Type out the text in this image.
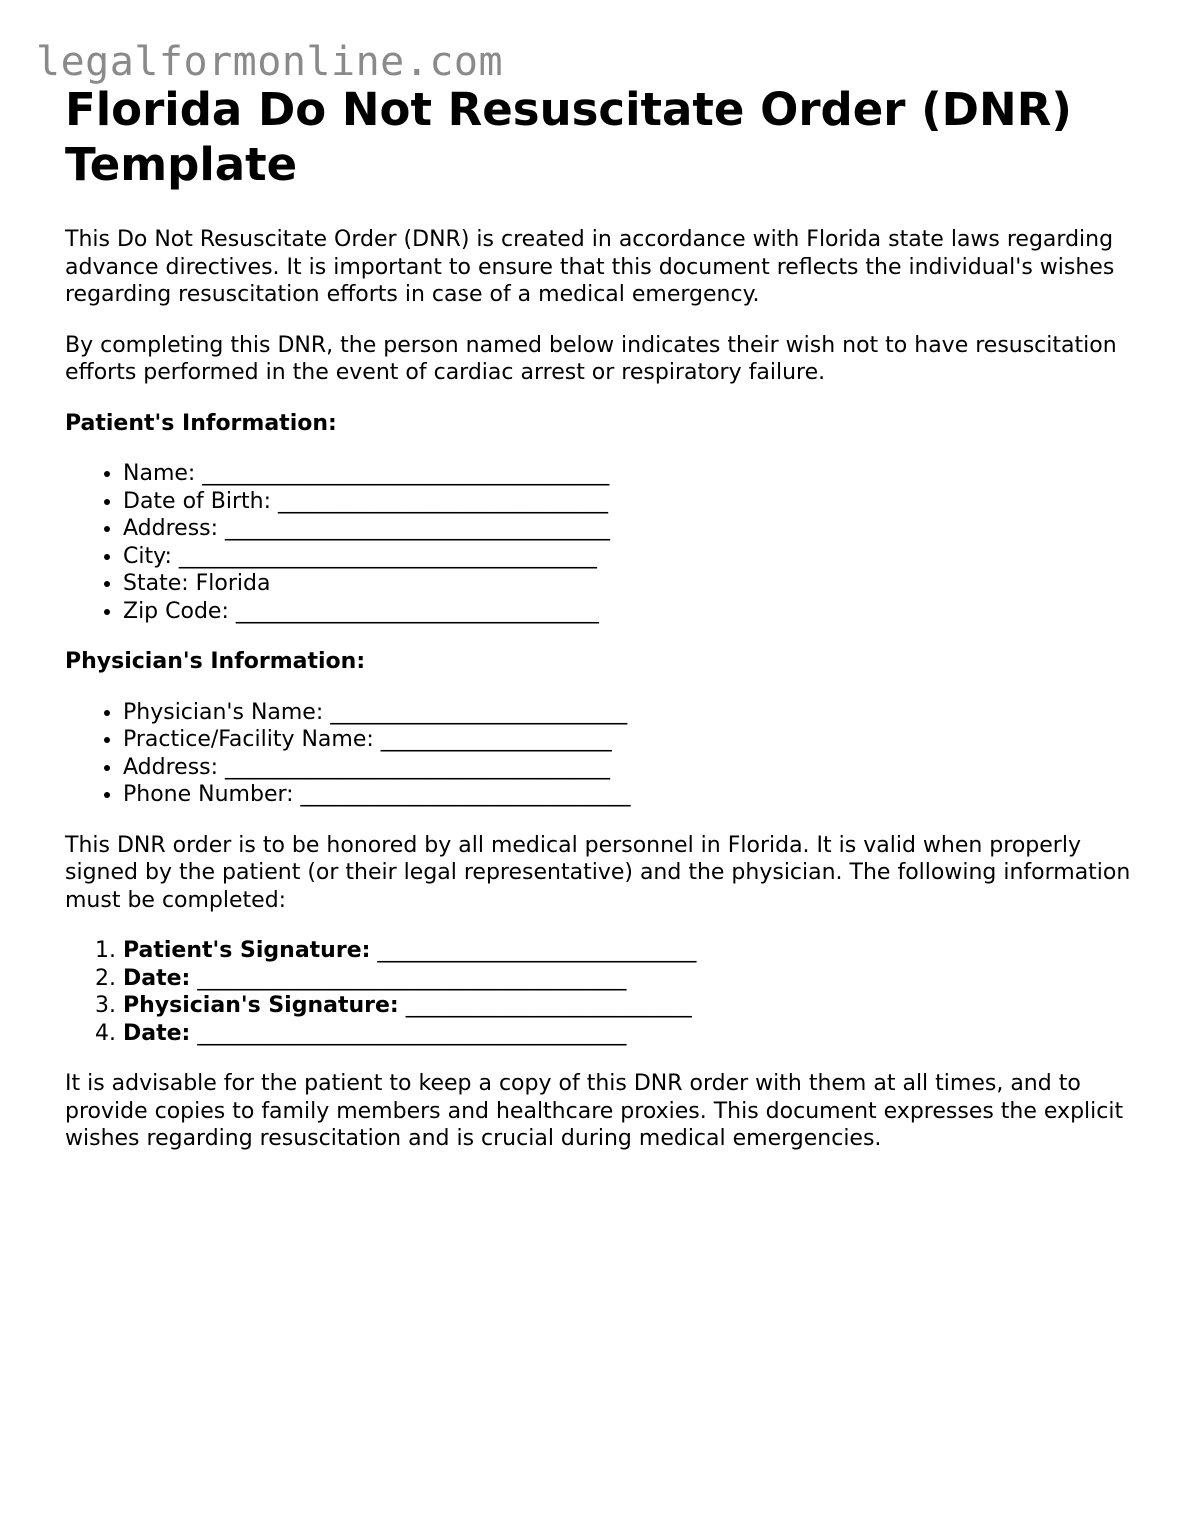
legalformonline.com
Florida Do Not Resuscitate Order (DNR) Template

This Do Not Resuscitate Order (DNR) is created in accordance with Florida state laws regarding advance directives. It is important to ensure that this document reflects the individual's wishes regarding resuscitation efforts in case of a medical emergency.

By completing this DNR, the person named below indicates their wish not to have resuscitation efforts performed in the event of cardiac arrest or respiratory failure.

Patient's Information:
• Name: _____________________________________
• Date of Birth: ______________________________
• Address: ___________________________________
• City: ______________________________________
• State: Florida
• Zip Code: _________________________________
Physician's Information:
• Physician's Name: ___________________________
• Practice/Facility Name: _____________________
• Address: ___________________________________
• Phone Number: ______________________________

This DNR order is to be honored by all medical personnel in Florida. It is valid when properly signed by the patient (or their legal representative) and the physician. The following information must be completed:

1. Patient's Signature: _____________________________
2. Date: _______________________________________
3. Physician's Signature: __________________________
4. Date: _______________________________________

It is advisable for the patient to keep a copy of this DNR order with them at all times, and to provide copies to family members and healthcare proxies. This document expresses the explicit wishes regarding resuscitation and is crucial during medical emergencies.
